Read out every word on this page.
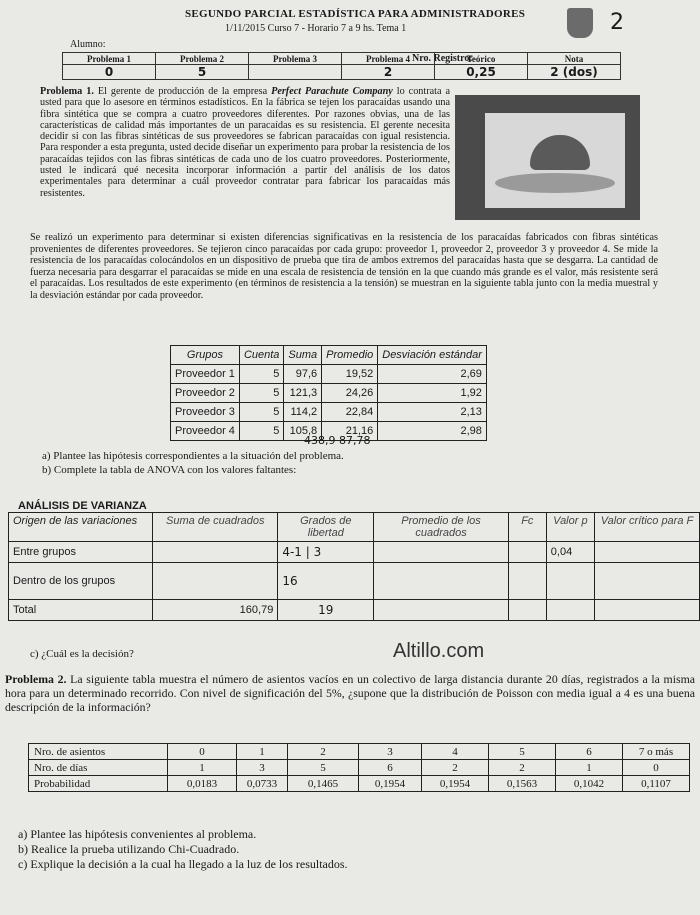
SEGUNDO PARCIAL ESTADÍSTICA PARA ADMINISTRADORES
1/11/2015 Curso 7 - Horario 7 a 9 hs. Tema 1	2
Alumno:
Nro. Registro:
Problema 1	Problema 2	Problema 3	Problema 4	Teórico	Nota
0	5		2	0,25	2 (dos)
Problema 1. El gerente de producción de la empresa Perfect Parachute Company lo contrata a usted para que lo asesore en términos estadísticos. En la fábrica se tejen los paracaídas usando una fibra sintética que se compra a cuatro proveedores diferentes. Por razones obvias, una de las características de calidad más importantes de un paracaídas es su resistencia. El gerente necesita decidir si con las fibras sintéticas de sus proveedores se fabrican paracaídas con igual resistencia. Para responder a esta pregunta, usted decide diseñar un experimento para probar la resistencia de los paracaídas tejidos con las fibras sintéticas de cada uno de los cuatro proveedores. Posteriormente, usted le indicará qué necesita incorporar información a partir del análisis de los datos experimentales para determinar a cuál proveedor contratar para fabricar los paracaídas más resistentes.
Se realizó un experimento para determinar si existen diferencias significativas en la resistencia de los paracaídas fabricados con fibras sintéticas provenientes de diferentes proveedores. Se tejieron cinco paracaídas por cada grupo: proveedor 1, proveedor 2, proveedor 3 y proveedor 4. Se mide la resistencia de los paracaídas colocándolos en un dispositivo de prueba que tira de ambos extremos del paracaídas hasta que se desgarra. La cantidad de fuerza necesaria para desgarrar el paracaídas se mide en una escala de resistencia de tensión en la que cuando más grande es el valor, más resistente será el paracaídas. Los resultados de este experimento (en términos de resistencia a la tensión) se muestran en la siguiente tabla junto con la media muestral y la desviación estándar por cada proveedor.
Grupos	Cuenta	Suma	Promedio	Desviación estándar
Proveedor 1	5	97,6	19,52	2,69
Proveedor 2	5	121,3	24,26	1,92
Proveedor 3	5	114,2	22,84	2,13
Proveedor 4	5	105,8	21,16	2,98
438,9 87,78
a) Plantee las hipótesis correspondientes a la situación del problema.
b) Complete la tabla de ANOVA con los valores faltantes:
ANÁLISIS DE VARIANZA
Origen de las variaciones	Suma de cuadrados	Grados de libertad	Promedio de los cuadrados	Fc	Valor p	Valor crítico para F
Entre grupos		4-1 | 3			0,04	
Dentro de los grupos		16				
Total	160,79	19				
c) ¿Cuál es la decisión?	Altillo.com
Problema 2. La siguiente tabla muestra el número de asientos vacíos en un colectivo de larga distancia durante 20 días, registrados a la misma hora para un determinado recorrido. Con nivel de significación del 5%, ¿supone que la distribución de Poisson con media igual a 4 es una buena descripción de la información?
Nro. de asientos	0	1	2	3	4	5	6	7 o más
Nro. de días	1	3	5	6	2	2	1	0
Probabilidad	0,0183	0,0733	0,1465	0,1954	0,1954	0,1563	0,1042	0,1107
a) Plantee las hipótesis convenientes al problema.
b) Realice la prueba utilizando Chi-Cuadrado.
c) Explique la decisión a la cual ha llegado a la luz de los resultados.
